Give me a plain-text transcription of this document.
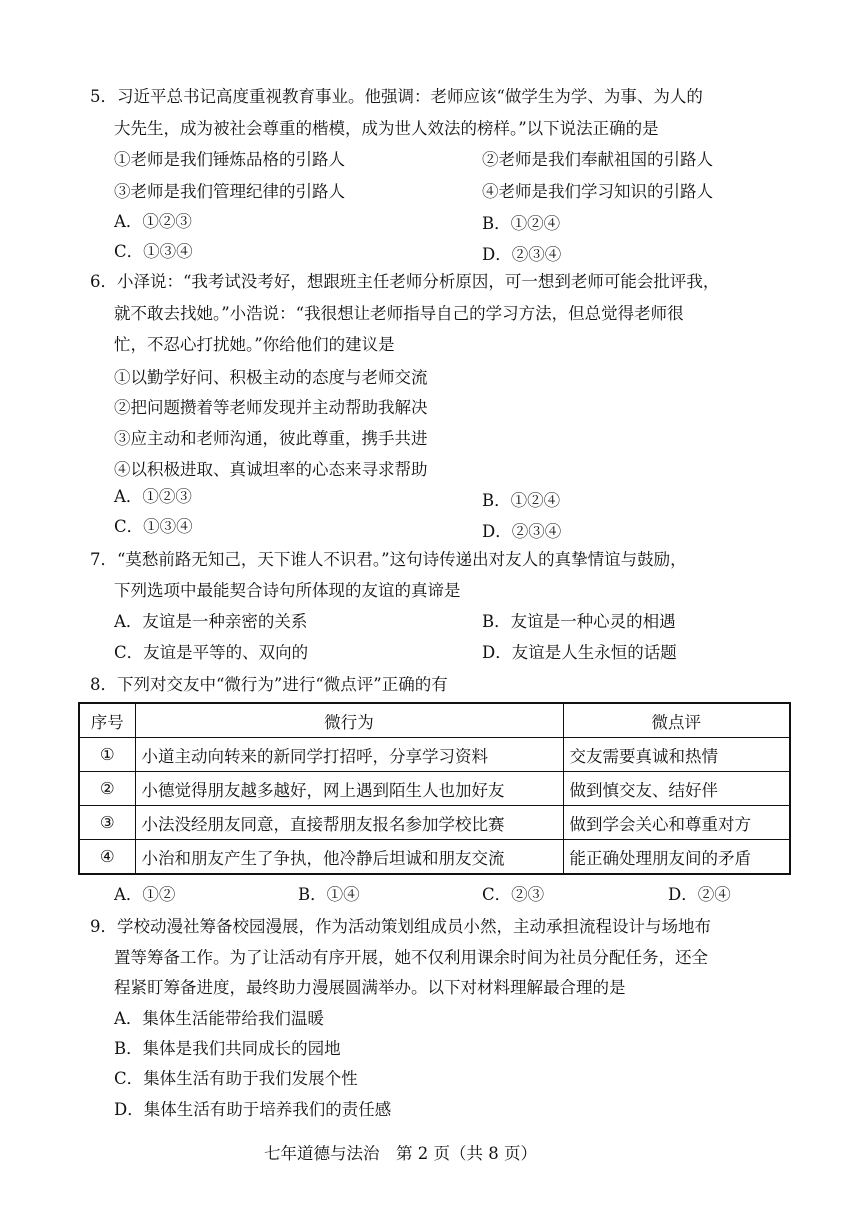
5．习近平总书记高度重视教育事业。他强调：老师应该“做学生为学、为事、为人的
大先生，成为被社会尊重的楷模，成为世人效法的榜样。”以下说法正确的是
①老师是我们锤炼品格的引路人	②老师是我们奉献祖国的引路人
③老师是我们管理纪律的引路人	④老师是我们学习知识的引路人
A．①②③	B．①②④
C．①③④	D．②③④
6．小泽说：“我考试没考好，想跟班主任老师分析原因，可一想到老师可能会批评我，
就不敢去找她。”小浩说：“我很想让老师指导自己的学习方法，但总觉得老师很
忙，不忍心打扰她。”你给他们的建议是
①以勤学好问、积极主动的态度与老师交流
②把问题攒着等老师发现并主动帮助我解决
③应主动和老师沟通，彼此尊重，携手共进
④以积极进取、真诚坦率的心态来寻求帮助
A．①②③	B．①②④
C．①③④	D．②③④
7．“莫愁前路无知己，天下谁人不识君。”这句诗传递出对友人的真挚情谊与鼓励，
下列选项中最能契合诗句所体现的友谊的真谛是
A．友谊是一种亲密的关系	B．友谊是一种心灵的相遇
C．友谊是平等的、双向的	D．友谊是人生永恒的话题
8．下列对交友中“微行为”进行“微点评”正确的有
序号	微行为	微点评
①	小道主动向转来的新同学打招呼，分享学习资料	交友需要真诚和热情
②	小德觉得朋友越多越好，网上遇到陌生人也加好友	做到慎交友、结好伴
③	小法没经朋友同意，直接帮朋友报名参加学校比赛	做到学会关心和尊重对方
④	小治和朋友产生了争执，他冷静后坦诚和朋友交流	能正确处理朋友间的矛盾
A．①②	B．①④	C．②③	D．②④
9．学校动漫社筹备校园漫展，作为活动策划组成员小然，主动承担流程设计与场地布
置等筹备工作。为了让活动有序开展，她不仅利用课余时间为社员分配任务，还全
程紧盯筹备进度，最终助力漫展圆满举办。以下对材料理解最合理的是
A．集体生活能带给我们温暖
B．集体是我们共同成长的园地
C．集体生活有助于我们发展个性
D．集体生活有助于培养我们的责任感
七年道德与法治　第 2 页（共 8 页）
